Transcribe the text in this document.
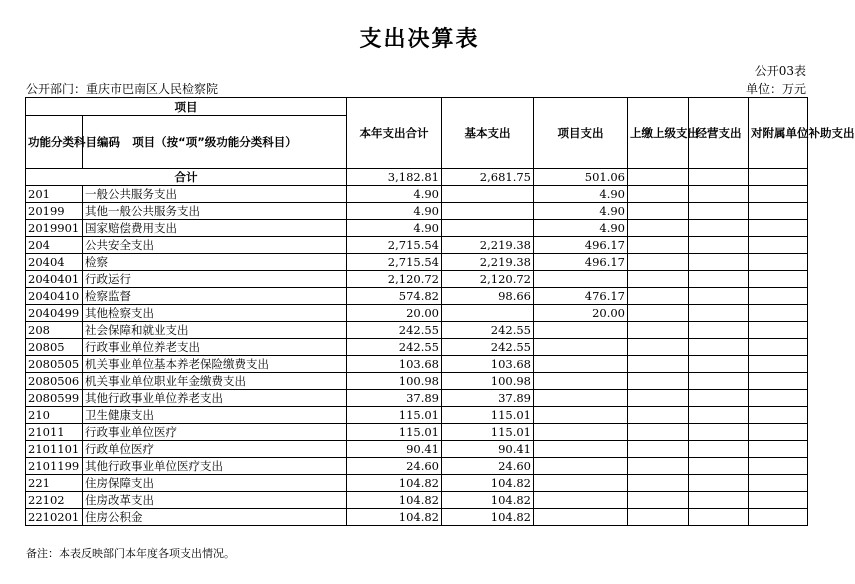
支出决算表
公开03表
公开部门：重庆市巴南区人民检察院	单位：万元
项目		本年支出合计	基本支出	项目支出	上缴上级支出	经营支出	对附属单位补助支出
功能分类科目编码	项目（按“项”级功能分类科目）						
合计		3,182.81	2,681.75	501.06			
201	一般公共服务支出	4.90		4.90			
20199	其他一般公共服务支出	4.90		4.90			
2019901	国家赔偿费用支出	4.90		4.90			
204	公共安全支出	2,715.54	2,219.38	496.17			
20404	检察	2,715.54	2,219.38	496.17			
2040401	行政运行	2,120.72	2,120.72				
2040410	检察监督	574.82	98.66	476.17			
2040499	其他检察支出	20.00		20.00			
208	社会保障和就业支出	242.55	242.55				
20805	行政事业单位养老支出	242.55	242.55				
2080505	机关事业单位基本养老保险缴费支出	103.68	103.68				
2080506	机关事业单位职业年金缴费支出	100.98	100.98				
2080599	其他行政事业单位养老支出	37.89	37.89				
210	卫生健康支出	115.01	115.01				
21011	行政事业单位医疗	115.01	115.01				
2101101	行政单位医疗	90.41	90.41				
2101199	其他行政事业单位医疗支出	24.60	24.60				
221	住房保障支出	104.82	104.82				
22102	住房改革支出	104.82	104.82				
2210201	住房公积金	104.82	104.82				
备注：本表反映部门本年度各项支出情况。
